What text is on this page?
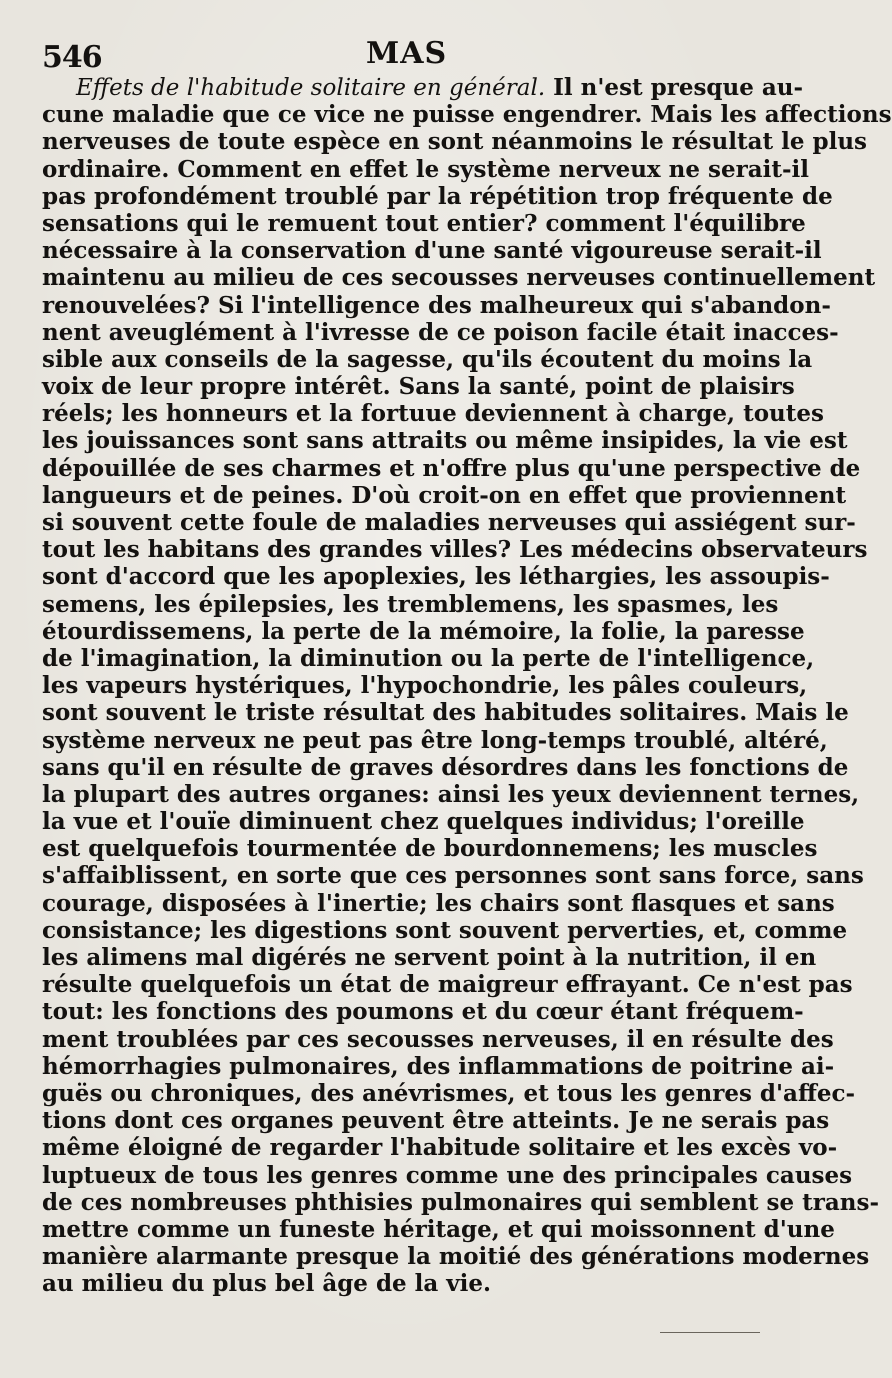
546	MAS
Effets de l'habitude solitaire en général. Il n'est presque au-
cune maladie que ce vice ne puisse engendrer. Mais les affections
nerveuses de toute espèce en sont néanmoins le résultat le plus
ordinaire. Comment en effet le système nerveux ne serait-il
pas profondément troublé par la répétition trop fréquente de
sensations qui le remuent tout entier? comment l'équilibre
nécessaire à la conservation d'une santé vigoureuse serait-il
maintenu au milieu de ces secousses nerveuses continuellement
renouvelées? Si l'intelligence des malheureux qui s'abandon-
nent aveuglément à l'ivresse de ce poison facile était inacces-
sible aux conseils de la sagesse, qu'ils écoutent du moins la
voix de leur propre intérêt. Sans la santé, point de plaisirs
réels; les honneurs et la fortuue deviennent à charge, toutes
les jouissances sont sans attraits ou même insipides, la vie est
dépouillée de ses charmes et n'offre plus qu'une perspective de
langueurs et de peines. D'où croit-on en effet que proviennent
si souvent cette foule de maladies nerveuses qui assiégent sur-
tout les habitans des grandes villes? Les médecins observateurs
sont d'accord que les apoplexies, les léthargies, les assoupis-
semens, les épilepsies, les tremblemens, les spasmes, les
étourdissemens, la perte de la mémoire, la folie, la paresse
de l'imagination, la diminution ou la perte de l'intelligence,
les vapeurs hystériques, l'hypochondrie, les pâles couleurs,
sont souvent le triste résultat des habitudes solitaires. Mais le
système nerveux ne peut pas être long-temps troublé, altéré,
sans qu'il en résulte de graves désordres dans les fonctions de
la plupart des autres organes: ainsi les yeux deviennent ternes,
la vue et l'ouïe diminuent chez quelques individus; l'oreille
est quelquefois tourmentée de bourdonnemens; les muscles
s'affaiblissent, en sorte que ces personnes sont sans force, sans
courage, disposées à l'inertie; les chairs sont flasques et sans
consistance; les digestions sont souvent perverties, et, comme
les alimens mal digérés ne servent point à la nutrition, il en
résulte quelquefois un état de maigreur effrayant. Ce n'est pas
tout: les fonctions des poumons et du cœur étant fréquem-
ment troublées par ces secousses nerveuses, il en résulte des
hémorrhagies pulmonaires, des inflammations de poitrine ai-
guës ou chroniques, des anévrismes, et tous les genres d'affec-
tions dont ces organes peuvent être atteints. Je ne serais pas
même éloigné de regarder l'habitude solitaire et les excès vo-
luptueux de tous les genres comme une des principales causes
de ces nombreuses phthisies pulmonaires qui semblent se trans-
mettre comme un funeste héritage, et qui moissonnent d'une
manière alarmante presque la moitié des générations modernes
au milieu du plus bel âge de la vie.
